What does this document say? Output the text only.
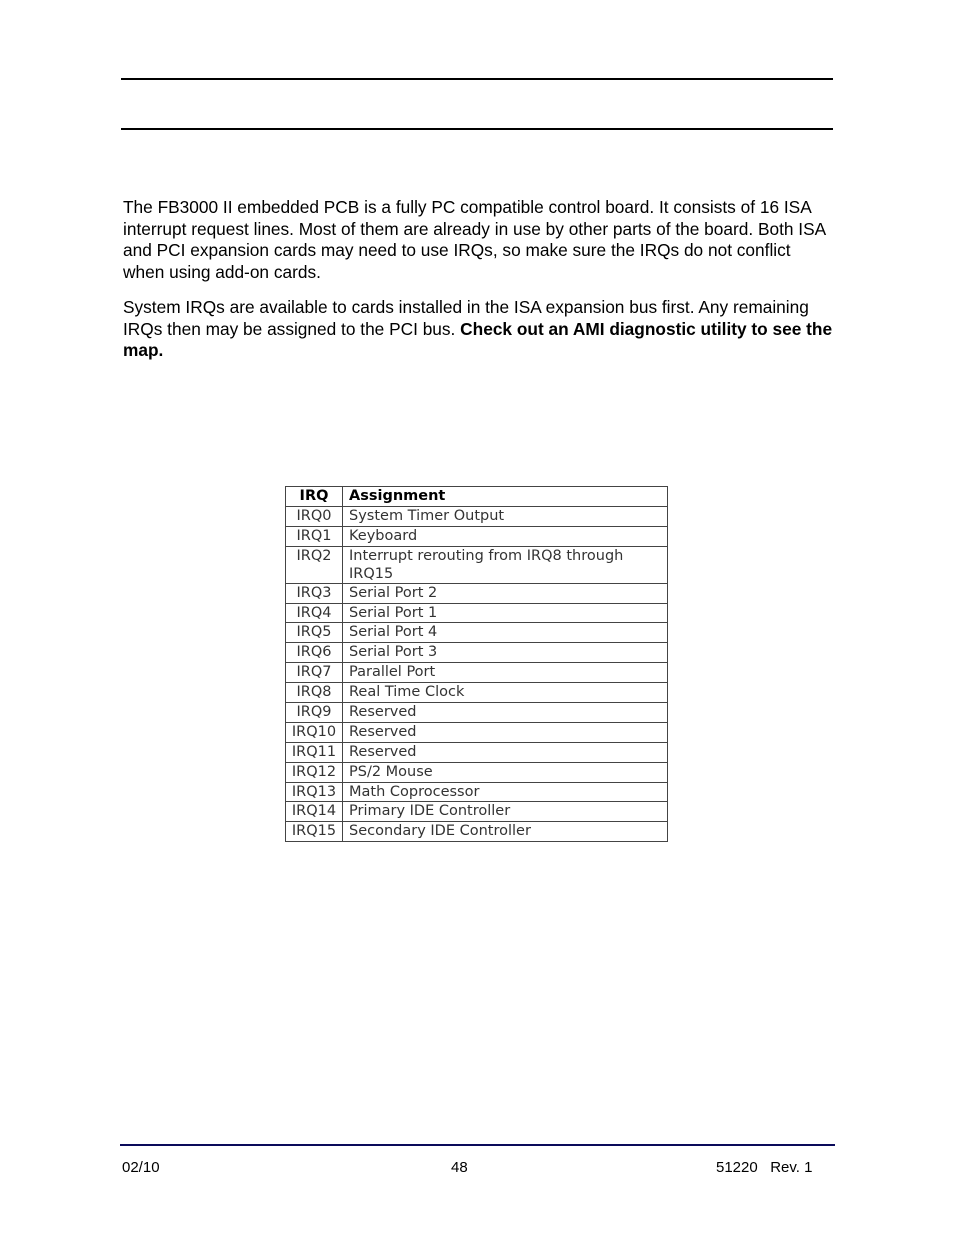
The FB3000 II embedded PCB is a fully PC compatible control board. It consists of 16 ISA interrupt request lines. Most of them are already in use by other parts of the board. Both ISA and PCI expansion cards may need to use IRQs, so make sure the IRQs do not conflict when using add-on cards.

System IRQs are available to cards installed in the ISA expansion bus first. Any remaining IRQs then may be assigned to the PCI bus. Check out an AMI diagnostic utility to see the map.

IRQ	Assignment
IRQ0	System Timer Output
IRQ1	Keyboard
IRQ2	Interrupt rerouting from IRQ8 through IRQ15
IRQ3	Serial Port 2
IRQ4	Serial Port 1
IRQ5	Serial Port 4
IRQ6	Serial Port 3
IRQ7	Parallel Port
IRQ8	Real Time Clock
IRQ9	Reserved
IRQ10	Reserved
IRQ11	Reserved
IRQ12	PS/2 Mouse
IRQ13	Math Coprocessor
IRQ14	Primary IDE Controller
IRQ15	Secondary IDE Controller
02/10	48	51220   Rev. 1
